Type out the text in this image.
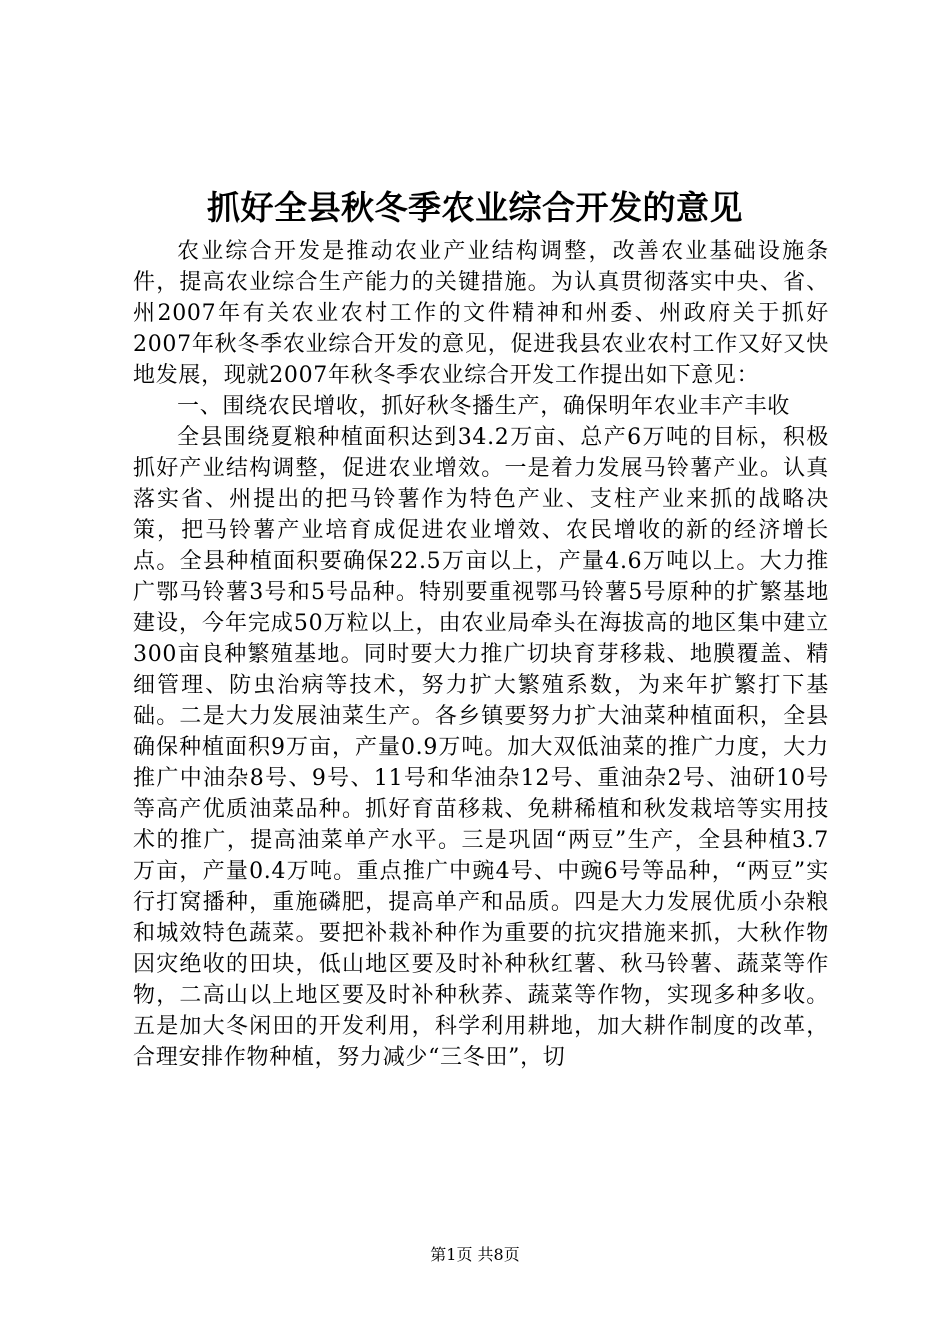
抓好全县秋冬季农业综合开发的意见

农业综合开发是推动农业产业结构调整，改善农业基础设施条件，提高农业综合生产能力的关键措施。为认真贯彻落实中央、省、州2007年有关农业农村工作的文件精神和州委、州政府关于抓好2007年秋冬季农业综合开发的意见，促进我县农业农村工作又好又快地发展，现就2007年秋冬季农业综合开发工作提出如下意见：

一、围绕农民增收，抓好秋冬播生产，确保明年农业丰产丰收

全县围绕夏粮种植面积达到34.2万亩、总产6万吨的目标，积极抓好产业结构调整，促进农业增效。一是着力发展马铃薯产业。认真落实省、州提出的把马铃薯作为特色产业、支柱产业来抓的战略决策，把马铃薯产业培育成促进农业增效、农民增收的新的经济增长点。全县种植面积要确保22.5万亩以上，产量4.6万吨以上。大力推广鄂马铃薯3号和5号品种。特别要重视鄂马铃薯5号原种的扩繁基地建设，今年完成50万粒以上，由农业局牵头在海拔高的地区集中建立300亩良种繁殖基地。同时要大力推广切块育芽移栽、地膜覆盖、精细管理、防虫治病等技术，努力扩大繁殖系数，为来年扩繁打下基础。二是大力发展油菜生产。各乡镇要努力扩大油菜种植面积，全县确保种植面积9万亩，产量0.9万吨。加大双低油菜的推广力度，大力推广中油杂8号、9号、11号和华油杂12号、重油杂2号、油研10号等高产优质油菜品种。抓好育苗移栽、免耕稀植和秋发栽培等实用技术的推广，提高油菜单产水平。三是巩固“两豆”生产，全县种植3.7万亩，产量0.4万吨。重点推广中豌4号、中豌6号等品种，“两豆”实行打窝播种，重施磷肥，提高单产和品质。四是大力发展优质小杂粮和城效特色蔬菜。要把补栽补种作为重要的抗灾措施来抓，大秋作物因灾绝收的田块，低山地区要及时补种秋红薯、秋马铃薯、蔬菜等作物，二高山以上地区要及时补种秋荞、蔬菜等作物，实现多种多收。五是加大冬闲田的开发利用，科学利用耕地，加大耕作制度的改革，合理安排作物种植，努力减少“三冬田”，切

第1页 共8页
